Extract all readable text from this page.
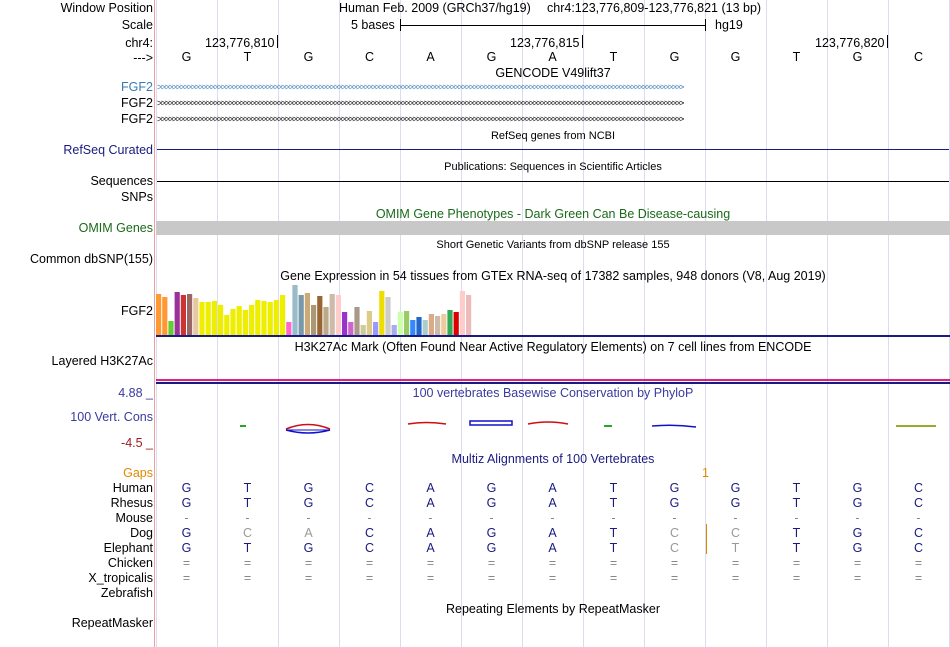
Window Position	Human Feb. 2009 (GRCh37/hg19) chr4:123,776,809-123,776,821 (13 bp)
Scale	5 bases	hg19
chr4:	123,776,810	123,776,815	123,776,820
--->	G	T	G	C	A	G	A	T	G	G	T	G	C
GENCODE V49lift37
FGF2 >>>>>>>>>>>>>>>>>>>>>>>>>>>>>>>>>>>>>>>>>>>>>>>>>>>>>>>>>>>>>>>>>>>>>>>>>>>>>>>>>>>>>>>>>>>>>>>>>>>>>>>>>>>>>>>>>>>>>>>>>>>>>>>>>>>>>>>>>>>>
FGF2 >>>>>>>>>>>>>>>>>>>>>>>>>>>>>>>>>>>>>>>>>>>>>>>>>>>>>>>>>>>>>>>>>>>>>>>>>>>>>>>>>>>>>>>>>>>>>>>>>>>>>>>>>>>>>>>>>>>>>>>>>>>>>>>>>>>>>>>>>>>>
FGF2 >>>>>>>>>>>>>>>>>>>>>>>>>>>>>>>>>>>>>>>>>>>>>>>>>>>>>>>>>>>>>>>>>>>>>>>>>>>>>>>>>>>>>>>>>>>>>>>>>>>>>>>>>>>>>>>>>>>>>>>>>>>>>>>>>>>>>>>>>>>>
RefSeq genes from NCBI
RefSeq Curated
Publications: Sequences in Scientific Articles
Sequences
SNPs
OMIM Gene Phenotypes - Dark Green Can Be Disease-causing
OMIM Genes
Short Genetic Variants from dbSNP release 155
Common dbSNP(155)
Gene Expression in 54 tissues from GTEx RNA-seq of 17382 samples, 948 donors (V8, Aug 2019)
FGF2
H3K27Ac Mark (Often Found Near Active Regulatory Elements) on 7 cell lines from ENCODE
Layered H3K27Ac
100 vertebrates Basewise Conservation by PhyloP
4.88 _
100 Vert. Cons
-4.5 _
Multiz Alignments of 100 Vertebrates
Gaps	1
Human	G	T	G	C	A	G	A	T	G	G	T	G	C
Rhesus	G	T	G	C	A	G	A	T	G	G	T	G	C
Mouse	-	-	-	-	-	-	-	-	-	-	-	-	-
Dog	G	C	A	C	A	G	A	T	C	C	T	G	C
Elephant	G	T	G	C	A	G	A	T	C	T	T	G	C
Chicken	=	=	=	=	=	=	=	=	=	=	=	=	=
X_tropicalis	=	=	=	=	=	=	=	=	=	=	=	=	=
Zebrafish
Repeating Elements by RepeatMasker
RepeatMasker
